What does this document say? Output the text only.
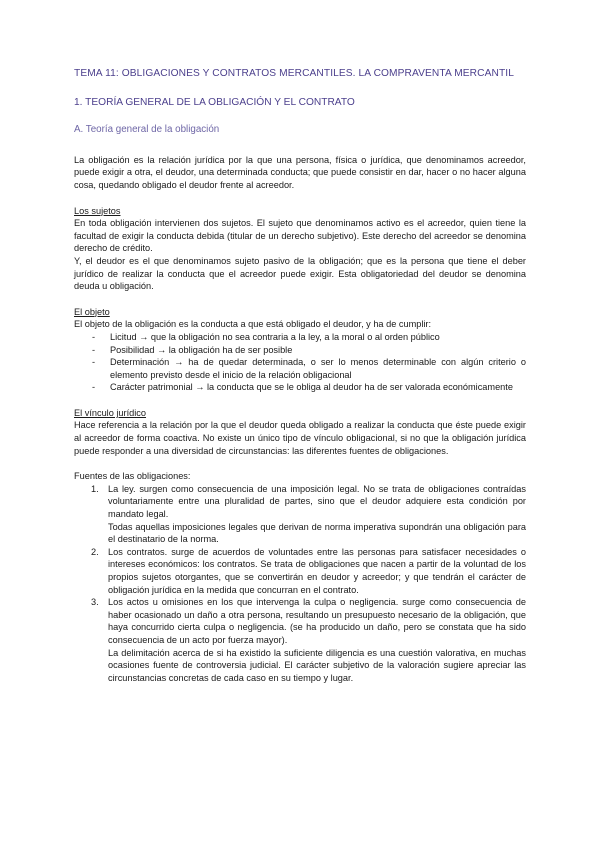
TEMA 11: OBLIGACIONES Y CONTRATOS MERCANTILES. LA COMPRAVENTA MERCANTIL
1. TEORÍA GENERAL DE LA OBLIGACIÓN Y EL CONTRATO
A. Teoría general de la obligación

La obligación es la relación jurídica por la que una persona, física o jurídica, que denominamos acreedor, puede exigir a otra, el deudor, una determinada conducta; que puede consistir en dar, hacer o no hacer alguna cosa, quedando obligado el deudor frente al acreedor.

Los sujetos

En toda obligación intervienen dos sujetos. El sujeto que denominamos activo es el acreedor, quien tiene la facultad de exigir la conducta debida (titular de un derecho subjetivo). Este derecho del acreedor se denomina derecho de crédito.

Y, el deudor es el que denominamos sujeto pasivo de la obligación; que es la persona que tiene el deber jurídico de realizar la conducta que el acreedor puede exigir. Esta obligatoriedad del deudor se denomina deuda u obligación.

El objeto

El objeto de la obligación es la conducta a que está obligado el deudor, y ha de cumplir:

- Licitud → que la obligación no sea contraria a la ley, a la moral o al orden público
- Posibilidad → la obligación ha de ser posible
- Determinación → ha de quedar determinada, o ser lo menos determinable con algún criterio o elemento previsto desde el inicio de la relación obligacional
- Carácter patrimonial → la conducta que se le obliga al deudor ha de ser valorada económicamente

El vínculo jurídico

Hace referencia a la relación por la que el deudor queda obligado a realizar la conducta que éste puede exigir al acreedor de forma coactiva. No existe un único tipo de vínculo obligacional, si no que la obligación jurídica puede responder a una diversidad de circunstancias: las diferentes fuentes de obligaciones.

Fuentes de las obligaciones:

1. La ley. surgen como consecuencia de una imposición legal. No se trata de obligaciones contraídas voluntariamente entre una pluralidad de partes, sino que el deudor adquiere esta condición por mandato legal.

Todas aquellas imposiciones legales que derivan de norma imperativa supondrán una obligación para el destinatario de la norma.

2. Los contratos. surge de acuerdos de voluntades entre las personas para satisfacer necesidades o intereses económicos: los contratos. Se trata de obligaciones que nacen a partir de la voluntad de los propios sujetos otorgantes, que se convertirán en deudor y acreedor; y que tendrán el carácter de obligación jurídica en la medida que concurran en el contrato.

3. Los actos u omisiones en los que intervenga la culpa o negligencia. surge como consecuencia de haber ocasionado un daño a otra persona, resultando un presupuesto necesario de la obligación, que haya concurrido cierta culpa o negligencia. (se ha producido un daño, pero se constata que ha sido consecuencia de un acto por fuerza mayor).

La delimitación acerca de si ha existido la suficiente diligencia es una cuestión valorativa, en muchas ocasiones fuente de controversia judicial. El carácter subjetivo de la valoración sugiere apreciar las circunstancias concretas de cada caso en su tiempo y lugar.
